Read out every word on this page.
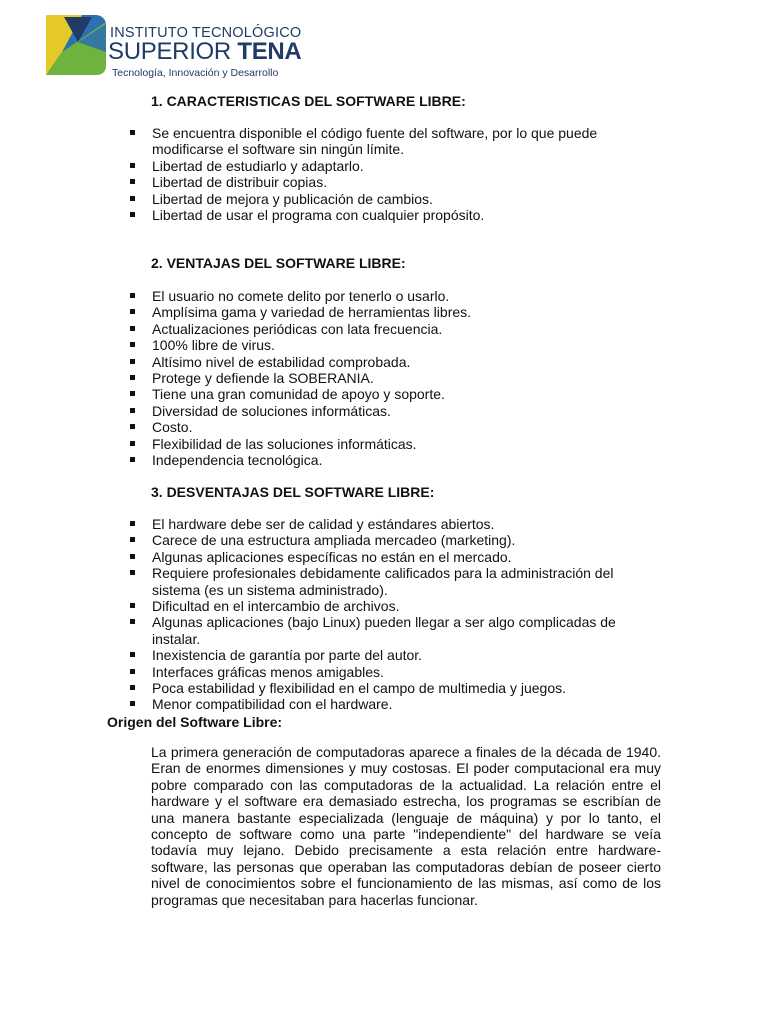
INSTITUTO TECNOLÓGICO
SUPERIOR TENA
Tecnología, Innovación y Desarrollo
1. CARACTERISTICAS DEL SOFTWARE LIBRE:
Se encuentra disponible el código fuente del software, por lo que puede modificarse el software sin ningún límite.
Libertad de estudiarlo y adaptarlo.
Libertad de distribuir copias.
Libertad de mejora y publicación de cambios.
Libertad de usar el programa con cualquier propósito.
2. VENTAJAS DEL SOFTWARE LIBRE:
El usuario no comete delito por tenerlo o usarlo.
Amplísima gama y variedad de herramientas libres.
Actualizaciones periódicas con lata frecuencia.
100% libre de virus.
Altísimo nivel de estabilidad comprobada.
Protege y defiende la SOBERANIA.
Tiene una gran comunidad de apoyo y soporte.
Diversidad de soluciones informáticas.
Costo.
Flexibilidad de las soluciones informáticas.
Independencia tecnológica.
3. DESVENTAJAS DEL SOFTWARE LIBRE:
El hardware debe ser de calidad y estándares abiertos.
Carece de una estructura ampliada mercadeo (marketing).
Algunas aplicaciones específicas no están en el mercado.
Requiere profesionales debidamente calificados para la administración del sistema (es un sistema administrado).
Dificultad en el intercambio de archivos.
Algunas aplicaciones (bajo Linux) pueden llegar a ser algo complicadas de instalar.
Inexistencia de garantía por parte del autor.
Interfaces gráficas menos amigables.
Poca estabilidad y flexibilidad en el campo de multimedia y juegos.
Menor compatibilidad con el hardware.
Origen del Software Libre:

La primera generación de computadoras aparece a finales de la década de 1940. Eran de enormes dimensiones y muy costosas. El poder computacional era muy pobre comparado con las computadoras de la actualidad. La relación entre el hardware y el software era demasiado estrecha, los programas se escribían de una manera bastante especializada (lenguaje de máquina) y por lo tanto, el concepto de software como una parte "independiente" del hardware se veía todavía muy lejano. Debido precisamente a esta relación entre hardware-software, las personas que operaban las computadoras debían de poseer cierto nivel de conocimientos sobre el funcionamiento de las mismas, así como de los programas que necesitaban para hacerlas funcionar.
